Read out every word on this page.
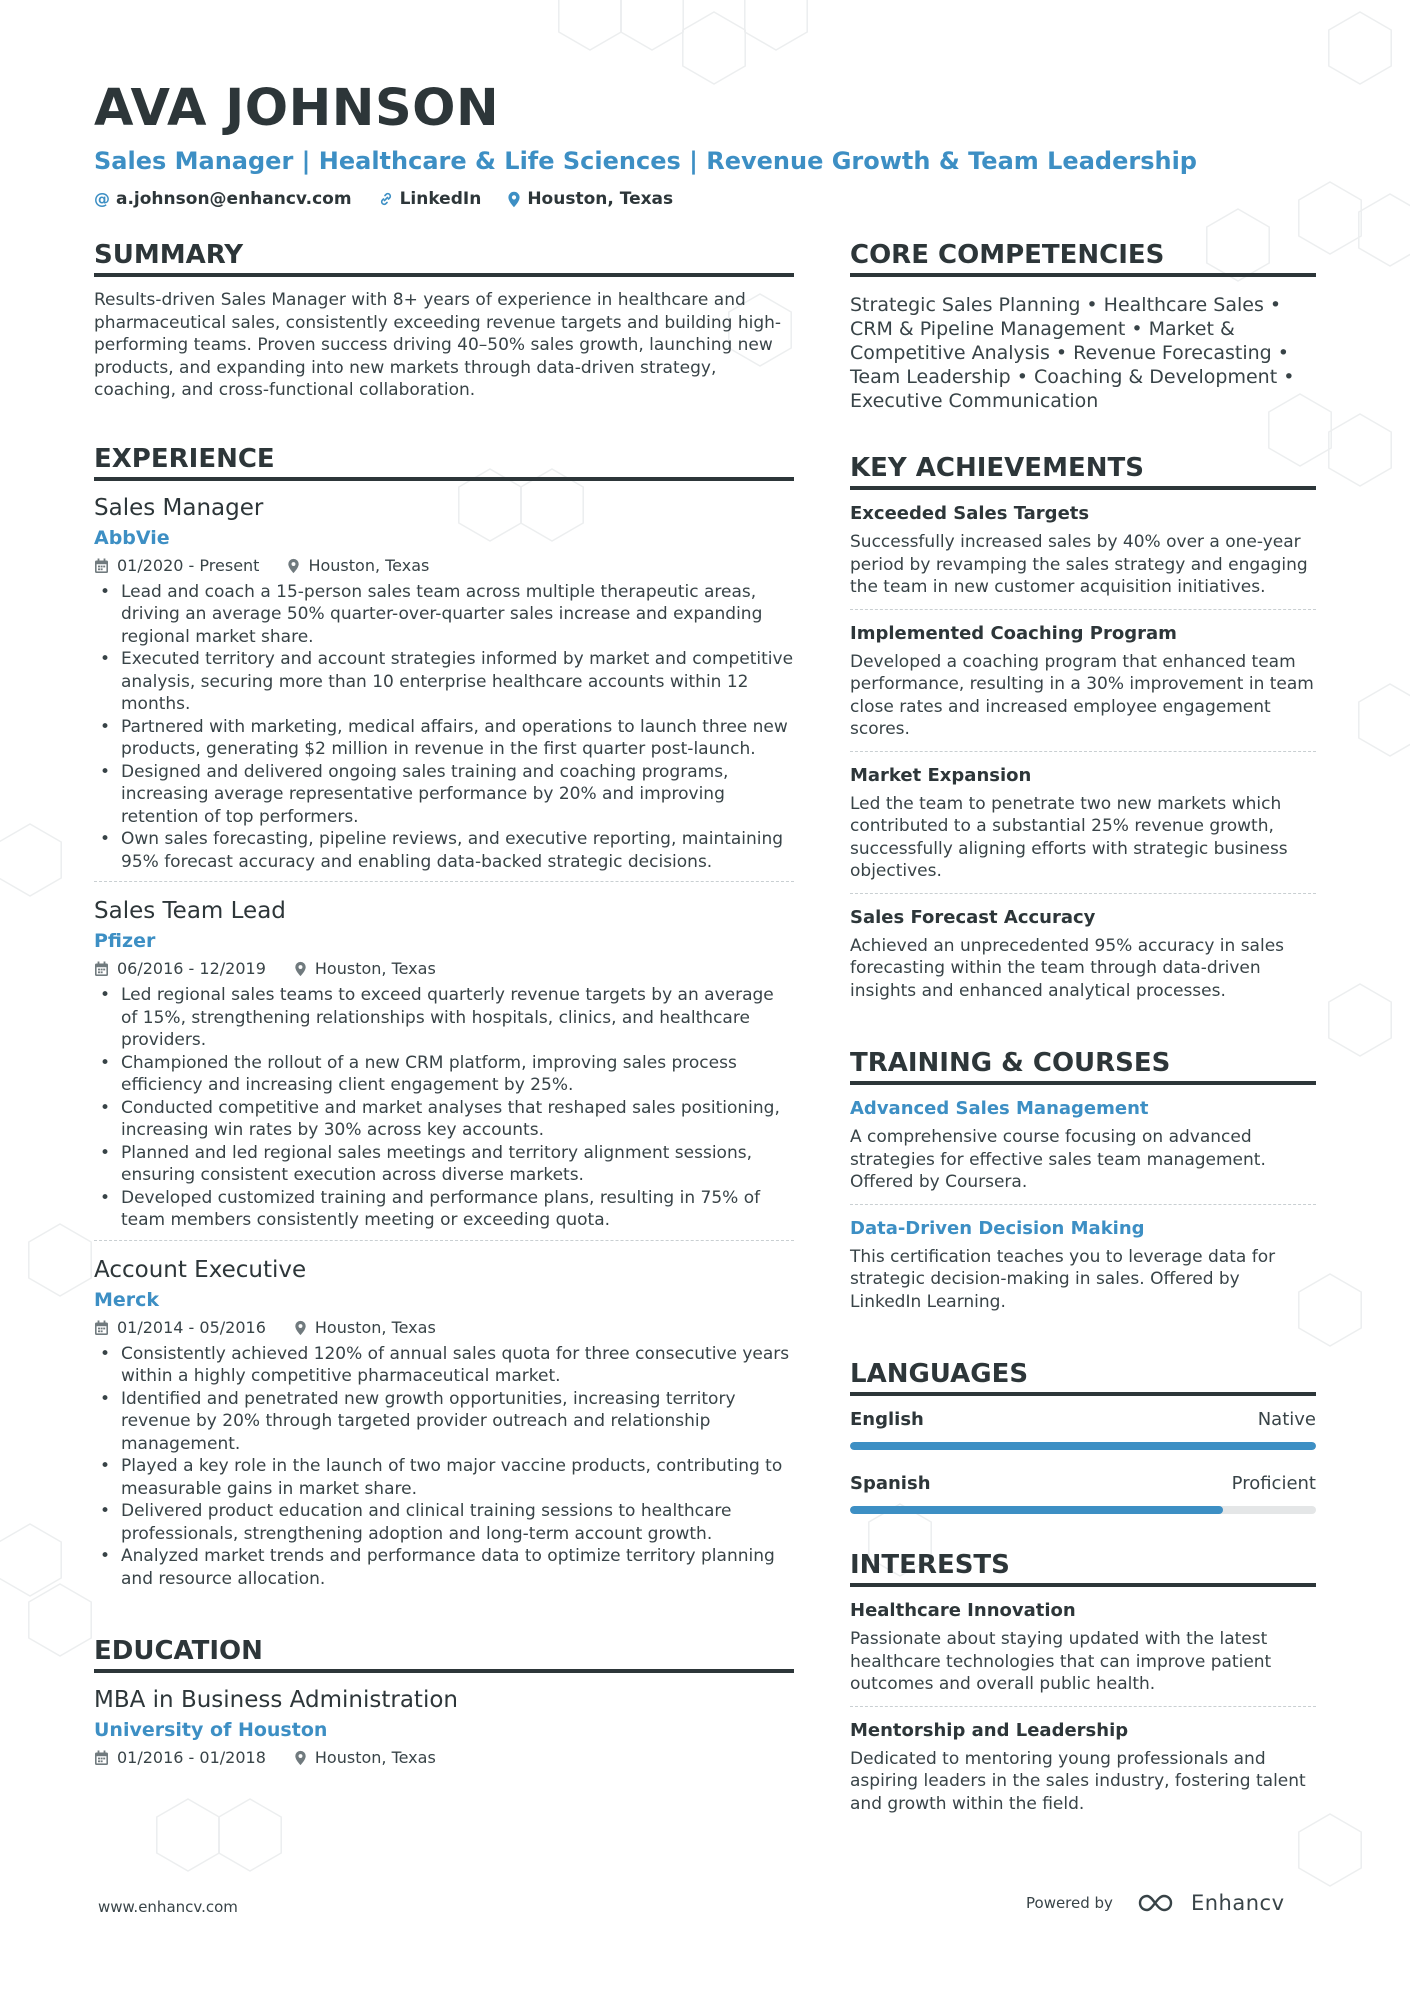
AVA JOHNSON
Sales Manager | Healthcare & Life Sciences | Revenue Growth & Team Leadership
@ a.johnson@enhancv.com	LinkedIn	Houston, Texas
SUMMARY
Results-driven Sales Manager with 8+ years of experience in healthcare and pharmaceutical sales, consistently exceeding revenue targets and building high-performing teams. Proven success driving 40–50% sales growth, launching new products, and expanding into new markets through data-driven strategy, coaching, and cross-functional collaboration.
EXPERIENCE
Sales Manager
AbbVie
01/2020 - Present	Houston, Texas
• Lead and coach a 15-person sales team across multiple therapeutic areas, driving an average 50% quarter-over-quarter sales increase and expanding regional market share.
• Executed territory and account strategies informed by market and competitive analysis, securing more than 10 enterprise healthcare accounts within 12 months.
• Partnered with marketing, medical affairs, and operations to launch three new products, generating $2 million in revenue in the first quarter post-launch.
• Designed and delivered ongoing sales training and coaching programs, increasing average representative performance by 20% and improving retention of top performers.
• Own sales forecasting, pipeline reviews, and executive reporting, maintaining 95% forecast accuracy and enabling data-backed strategic decisions.
Sales Team Lead
Pfizer
06/2016 - 12/2019	Houston, Texas
• Led regional sales teams to exceed quarterly revenue targets by an average of 15%, strengthening relationships with hospitals, clinics, and healthcare providers.
• Championed the rollout of a new CRM platform, improving sales process efficiency and increasing client engagement by 25%.
• Conducted competitive and market analyses that reshaped sales positioning, increasing win rates by 30% across key accounts.
• Planned and led regional sales meetings and territory alignment sessions, ensuring consistent execution across diverse markets.
• Developed customized training and performance plans, resulting in 75% of team members consistently meeting or exceeding quota.
Account Executive
Merck
01/2014 - 05/2016	Houston, Texas
• Consistently achieved 120% of annual sales quota for three consecutive years within a highly competitive pharmaceutical market.
• Identified and penetrated new growth opportunities, increasing territory revenue by 20% through targeted provider outreach and relationship management.
• Played a key role in the launch of two major vaccine products, contributing to measurable gains in market share.
• Delivered product education and clinical training sessions to healthcare professionals, strengthening adoption and long-term account growth.
• Analyzed market trends and performance data to optimize territory planning and resource allocation.
EDUCATION
MBA in Business Administration
University of Houston
01/2016 - 01/2018	Houston, Texas
CORE COMPETENCIES
Strategic Sales Planning • Healthcare Sales • CRM & Pipeline Management • Market & Competitive Analysis • Revenue Forecasting • Team Leadership • Coaching & Development • Executive Communication
KEY ACHIEVEMENTS
Exceeded Sales Targets
Successfully increased sales by 40% over a one-year period by revamping the sales strategy and engaging the team in new customer acquisition initiatives.
Implemented Coaching Program
Developed a coaching program that enhanced team performance, resulting in a 30% improvement in team close rates and increased employee engagement scores.
Market Expansion
Led the team to penetrate two new markets which contributed to a substantial 25% revenue growth, successfully aligning efforts with strategic business objectives.
Sales Forecast Accuracy
Achieved an unprecedented 95% accuracy in sales forecasting within the team through data-driven insights and enhanced analytical processes.
TRAINING & COURSES
Advanced Sales Management
A comprehensive course focusing on advanced strategies for effective sales team management. Offered by Coursera.
Data-Driven Decision Making
This certification teaches you to leverage data for strategic decision-making in sales. Offered by LinkedIn Learning.
LANGUAGES
English	Native
Spanish	Proficient
INTERESTS
Healthcare Innovation
Passionate about staying updated with the latest healthcare technologies that can improve patient outcomes and overall public health.
Mentorship and Leadership
Dedicated to mentoring young professionals and aspiring leaders in the sales industry, fostering talent and growth within the field.
www.enhancv.com	Powered by	Enhancv
